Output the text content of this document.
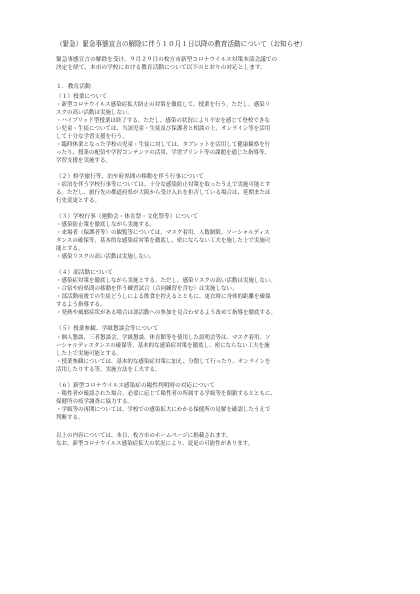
（緊急）緊急事態宣言の解除に伴う１０月１日以降の教育活動について（お知らせ）

緊急事態宣言の解除を受け、９月２９日の枚方市新型コロナウイルス対策本部会議での
決定を経て、本市の学校における教育活動について以下のとおりの対応とします。

１．教育活動

（１）授業について

・新型コロナウイルス感染症拡大防止の対策を徹底して、授業を行う。ただし、感染リ
スクの高い活動は実施しない。
・ハイブリッド型授業は終了する。ただし、感染の状況により不安を感じて登校できな
い児童・生徒については、当該児童・生徒及び保護者と相談の上、オンライン等を活用
して十分な学習支援を行う。
・臨時休業となった学校の児童・生徒に対しては、タブレットを活用して健康観察を行
ったり、授業の配信や学習コンテンツの活用、学習プリント等の課題を通じた指導等、
学習支援を実施する。

（２）修学旅行等、泊や府県間の移動を伴う行事について

・宿泊を伴う学校行事等については、十分な感染防止対策を取ったうえで実施可能とす
る。ただし、旅行先の都道府県が大阪から受け入れを拒否している場合は、延期または
行先変更とする。

（３）学校行事（運動会・体育祭・文化祭等）について

・感染防止策を徹底しながら実施する。
・来場者（保護者等）の観覧等については、マスク着用、人数制限、ソーシャルディス
タンスの確保等、基本的な感染症対策を徹底し、密にならない工夫を施した上で実施可
能とする。
・感染リスクの高い活動は実施しない。

（４）部活動について

・感染症対策を徹底しながら実施とする。ただし、感染リスクの高い活動は実施しない。
・合宿や府県間の移動を伴う練習試合（合同練習を含む）は実施しない。
・部活動前後での生徒どうしによる飲食を控えるとともに、更衣時に身体的距離を確保
するよう指導する。
・発熱や風邪症状がある場合は部活動への参加を見合わせるよう改めて指導を徹底する。

（５）授業参観、学級懇談会等について

・個人懇談、三者懇談会、学級懇談、体育館等を使用した説明会等は、マスク着用、ソ
ーシャルディスタンスの確保等、基本的な感染症対策を徹底し、密にならない工夫を施
した上で実施可能とする。
・授業参観については、基本的な感染症対策に加え、分散して行ったり、オンラインを
活用したりする等、実施方法を工夫する。

（６）新型コロナウイルス感染症の陽性判明時の対応について

・陽性者が確認された場合、必要に応じて陽性者の所属する学級等を閉鎖するとともに、
保健所の疫学調査に協力する。
・学級等の再開については、学校での感染拡大にかかる保健所の見解を確認したうえで
判断する。
以上の内容については、本日、枚方市のホームページに掲載されます。
なお、新型コロナウイルス感染症拡大の状況により、変更の可能性があります。
